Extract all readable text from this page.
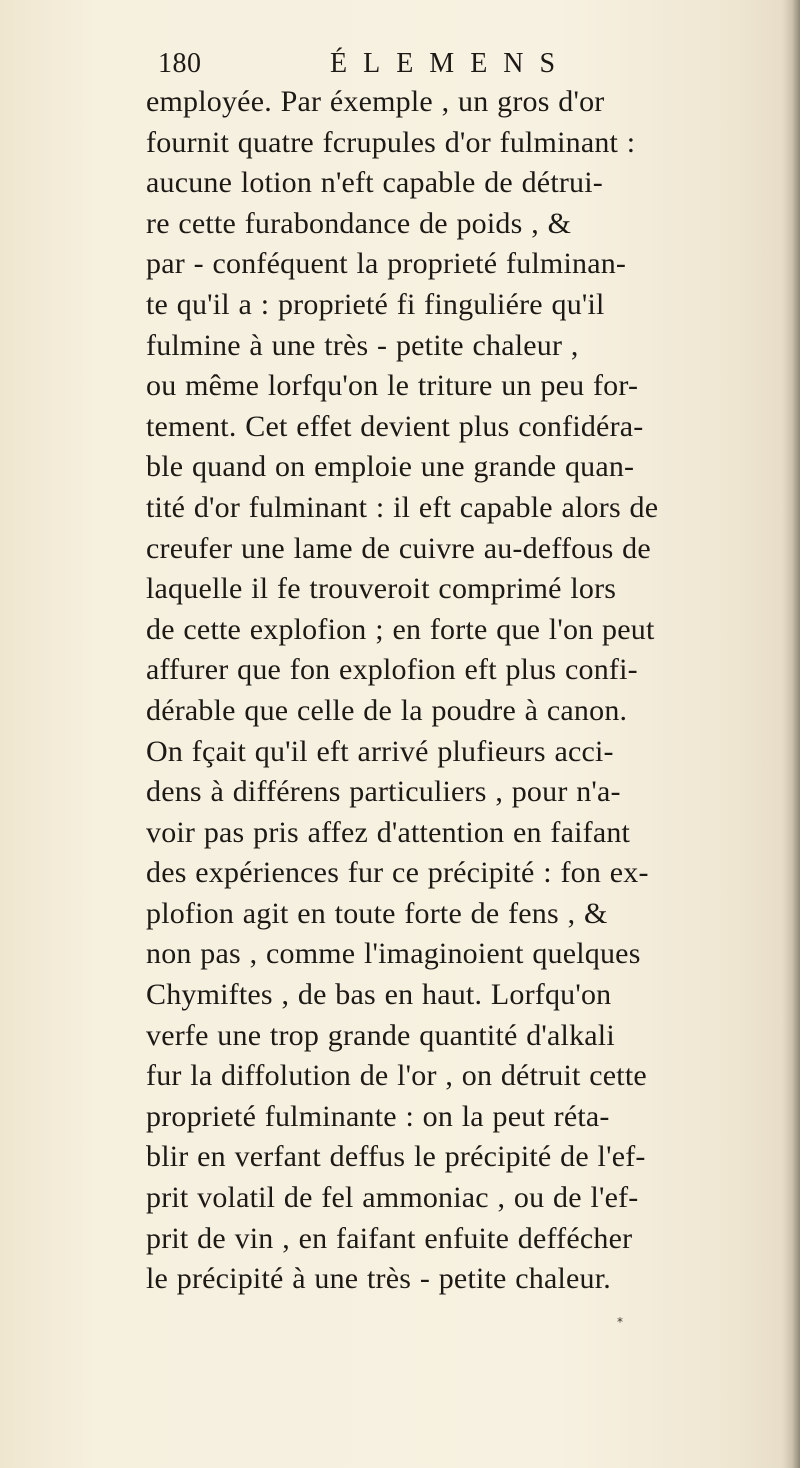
180	ÉLEMENS
employée. Par éxemple , un gros d'or
fournit quatre fcrupules d'or fulminant :
aucune lotion n'eft capable de détrui-
re cette furabondance de poids , &
par - conféquent la proprieté fulminan-
te qu'il a : proprieté fi finguliére qu'il
fulmine à une très - petite chaleur ,
ou même lorfqu'on le triture un peu for-
tement. Cet effet devient plus confidéra-
ble quand on emploie une grande quan-
tité d'or fulminant : il eft capable alors de
creufer une lame de cuivre au-deffous de
laquelle il fe trouveroit comprimé lors
de cette explofion ; en forte que l'on peut
affurer que fon explofion eft plus confi-
dérable que celle de la poudre à canon.
On fçait qu'il eft arrivé plufieurs acci-
dens à différens particuliers , pour n'a-
voir pas pris affez d'attention en faifant
des expériences fur ce précipité : fon ex-
plofion agit en toute forte de fens , &
non pas , comme l'imaginoient quelques
Chymiftes , de bas en haut. Lorfqu'on
verfe une trop grande quantité d'alkali
fur la diffolution de l'or , on détruit cette
proprieté fulminante : on la peut réta-
blir en verfant deffus le précipité de l'ef-
prit volatil de fel ammoniac , ou de l'ef-
prit de vin , en faifant enfuite deffécher
le précipité à une très - petite chaleur.
*
